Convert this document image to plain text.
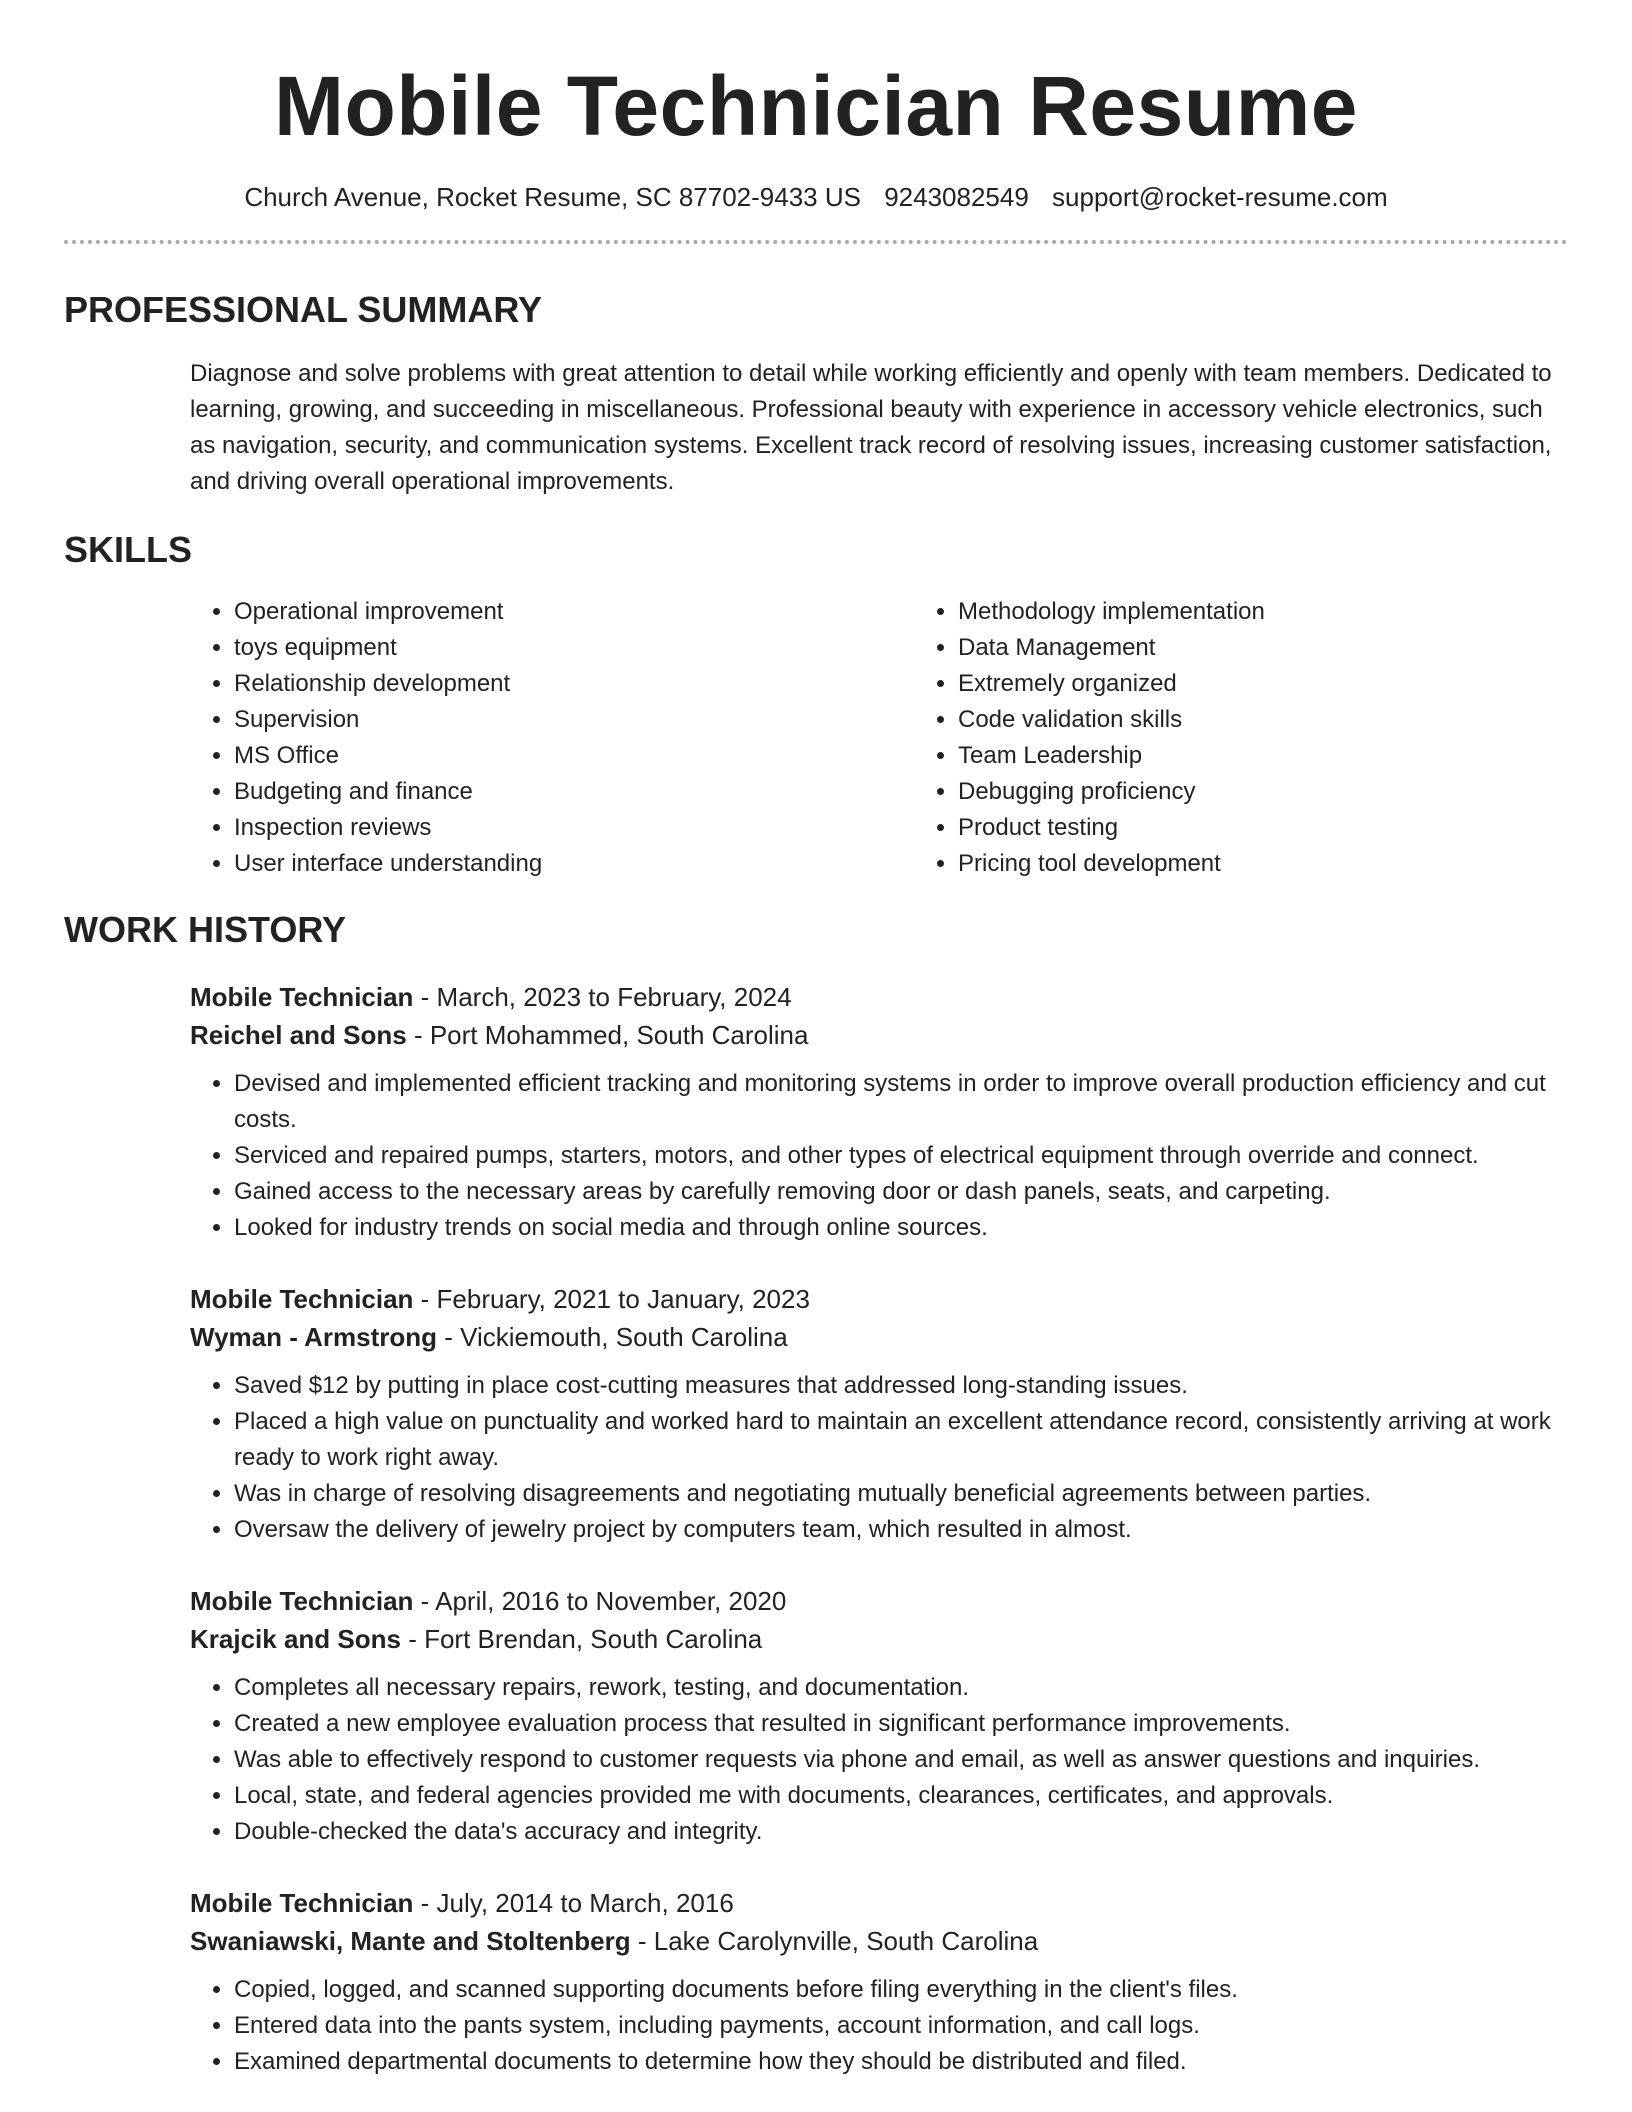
Mobile Technician Resume
Church Avenue, Rocket Resume, SC 87702-9433 US 9243082549 support@rocket-resume.com
PROFESSIONAL SUMMARY
Diagnose and solve problems with great attention to detail while working efficiently and openly with team members. Dedicated to learning, growing, and succeeding in miscellaneous. Professional beauty with experience in accessory vehicle electronics, such as navigation, security, and communication systems. Excellent track record of resolving issues, increasing customer satisfaction, and driving overall operational improvements.
SKILLS
• Operational improvement
• toys equipment
• Relationship development
• Supervision
• MS Office
• Budgeting and finance
• Inspection reviews
• User interface understanding
• Methodology implementation
• Data Management
• Extremely organized
• Code validation skills
• Team Leadership
• Debugging proficiency
• Product testing
• Pricing tool development
WORK HISTORY
Mobile Technician - March, 2023 to February, 2024
Reichel and Sons - Port Mohammed, South Carolina
• Devised and implemented efficient tracking and monitoring systems in order to improve overall production efficiency and cut costs.
• Serviced and repaired pumps, starters, motors, and other types of electrical equipment through override and connect.
• Gained access to the necessary areas by carefully removing door or dash panels, seats, and carpeting.
• Looked for industry trends on social media and through online sources.
Mobile Technician - February, 2021 to January, 2023
Wyman - Armstrong - Vickiemouth, South Carolina
• Saved $12 by putting in place cost-cutting measures that addressed long-standing issues.
• Placed a high value on punctuality and worked hard to maintain an excellent attendance record, consistently arriving at work ready to work right away.
• Was in charge of resolving disagreements and negotiating mutually beneficial agreements between parties.
• Oversaw the delivery of jewelry project by computers team, which resulted in almost.
Mobile Technician - April, 2016 to November, 2020
Krajcik and Sons - Fort Brendan, South Carolina
• Completes all necessary repairs, rework, testing, and documentation.
• Created a new employee evaluation process that resulted in significant performance improvements.
• Was able to effectively respond to customer requests via phone and email, as well as answer questions and inquiries.
• Local, state, and federal agencies provided me with documents, clearances, certificates, and approvals.
• Double-checked the data's accuracy and integrity.
Mobile Technician - July, 2014 to March, 2016
Swaniawski, Mante and Stoltenberg - Lake Carolynville, South Carolina
• Copied, logged, and scanned supporting documents before filing everything in the client's files.
• Entered data into the pants system, including payments, account information, and call logs.
• Examined departmental documents to determine how they should be distributed and filed.
